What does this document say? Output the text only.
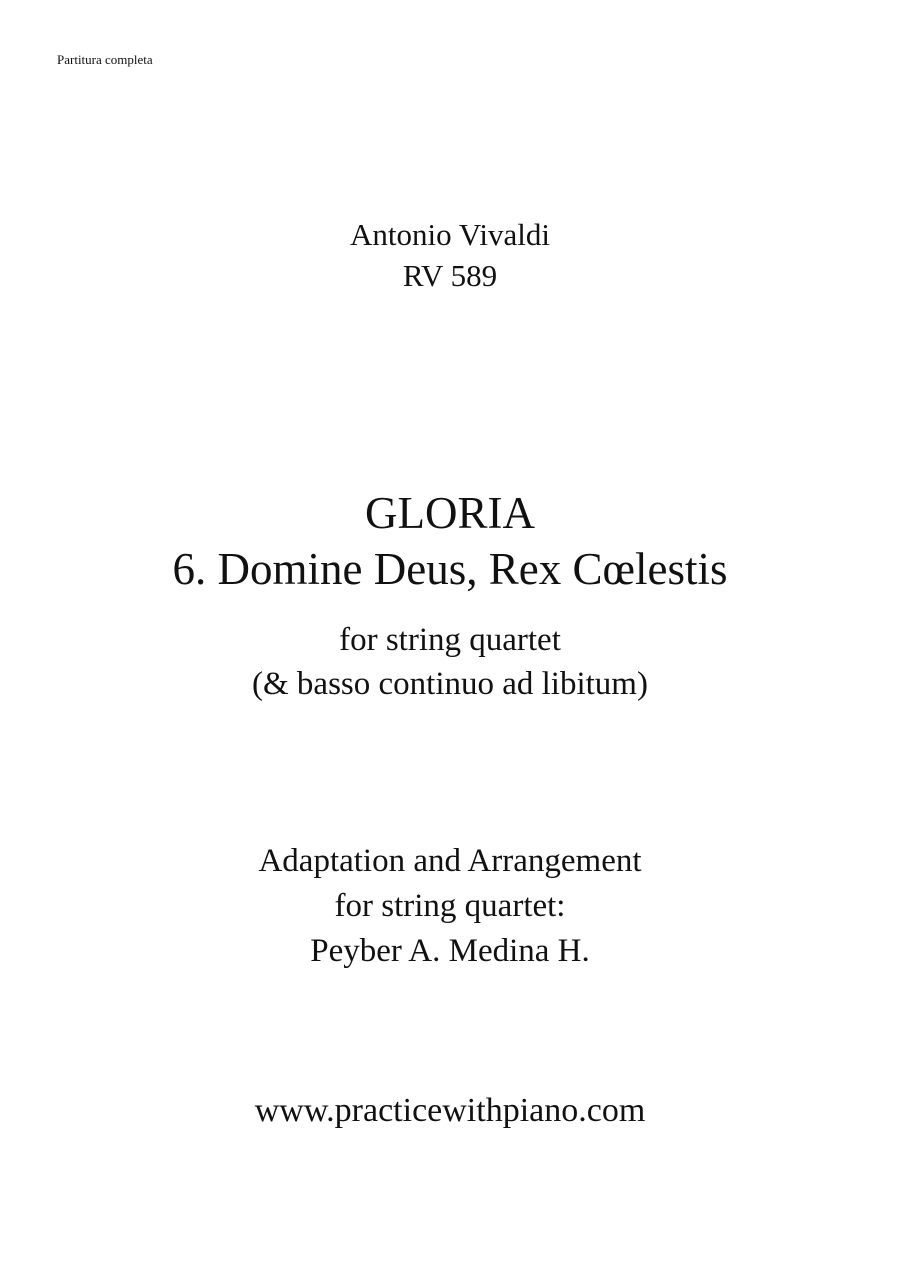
Partitura completa
Antonio Vivaldi
RV 589
GLORIA
6. Domine Deus, Rex Cœlestis
for string quartet
(& basso continuo ad libitum)
Adaptation and Arrangement
for string quartet:
Peyber A. Medina H.
www.practicewithpiano.com
